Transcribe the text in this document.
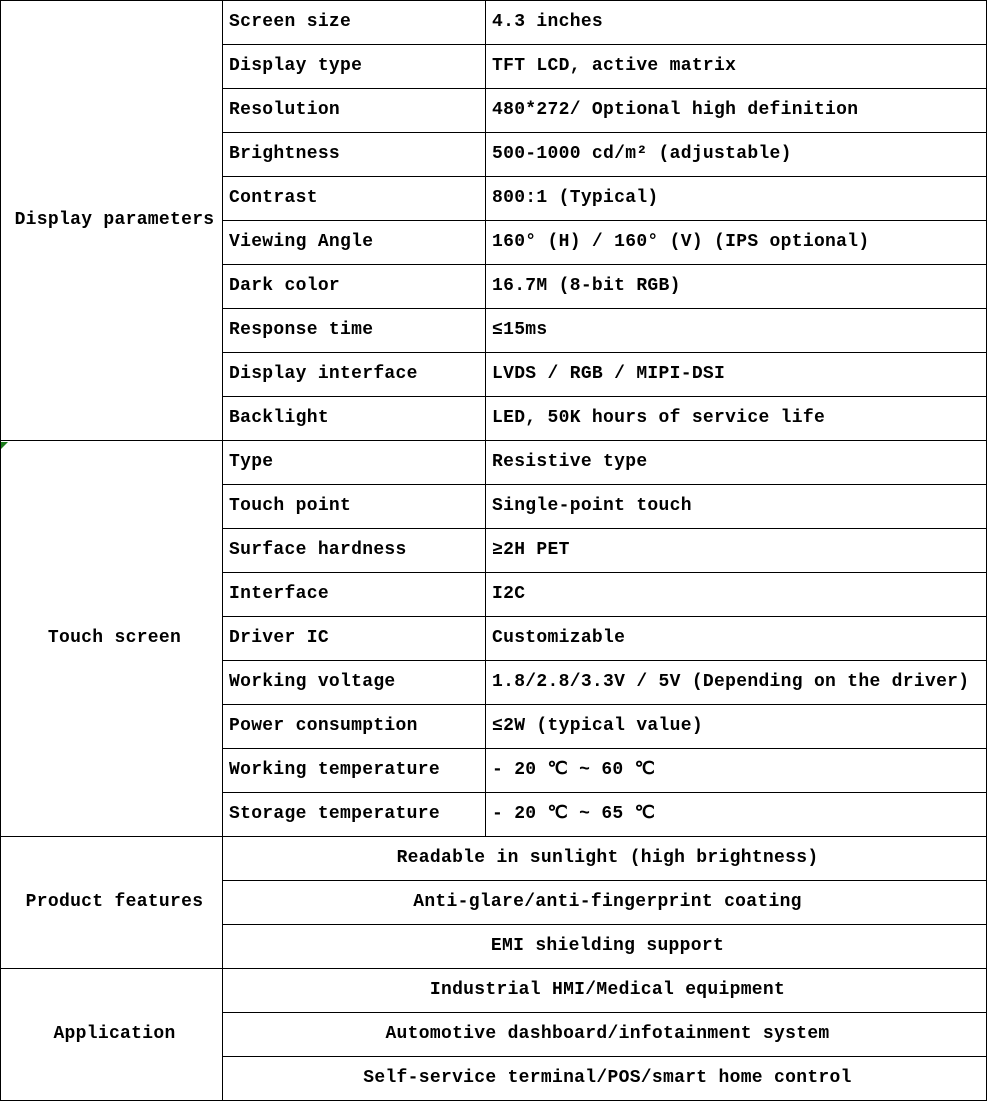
Display parameters	Screen size	4.3 inches
	Display type	TFT LCD, active matrix
	Resolution	480*272/ Optional high definition
	Brightness	500-1000 cd/m² (adjustable)
	Contrast	800:1 (Typical)
	Viewing Angle	160° (H) / 160° (V) (IPS optional)
	Dark color	16.7M (8-bit RGB)
	Response time	≤15ms
	Display interface	LVDS / RGB / MIPI-DSI
	Backlight	LED, 50K hours of service life
Touch screen	Type	Resistive type
	Touch point	Single-point touch
	Surface hardness	≥2H PET
	Interface	I2C
	Driver IC	Customizable
	Working voltage	1.8/2.8/3.3V / 5V (Depending on the driver)
	Power consumption	≤2W (typical value)
	Working temperature	- 20 ℃ ~ 60 ℃
	Storage temperature	- 20 ℃ ~ 65 ℃
Product features	Readable in sunlight (high brightness)	
	Anti-glare/anti-fingerprint coating	
	EMI shielding support	
Application	Industrial HMI/Medical equipment	
	Automotive dashboard/infotainment system	
	Self-service terminal/POS/smart home control	
